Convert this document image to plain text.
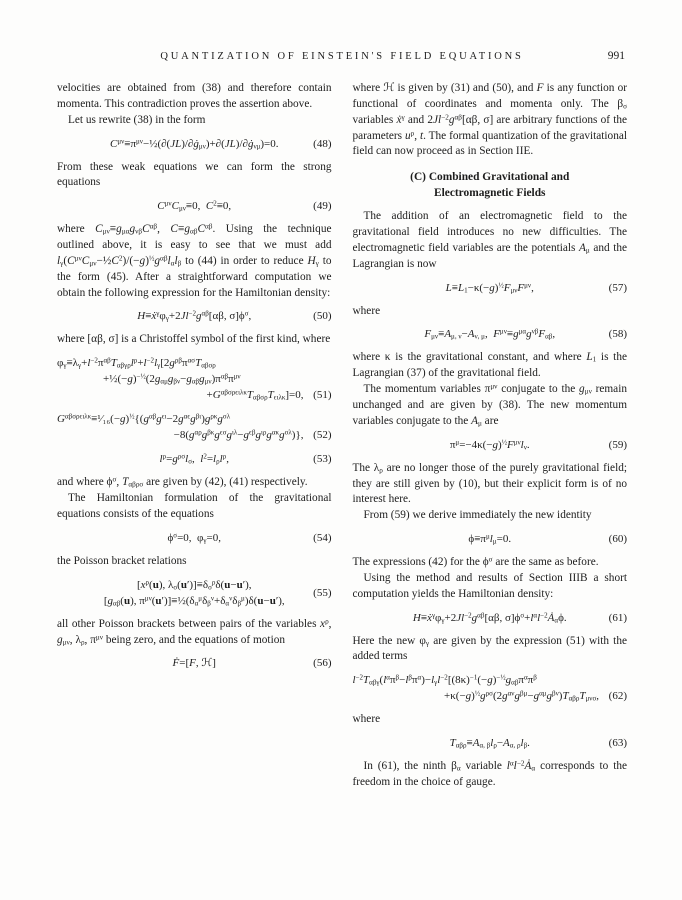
QUANTIZATION OF EINSTEIN'S FIELD EQUATIONS	991

velocities are obtained from (38) and therefore contain momenta. This contradiction proves the assertion above.

Let us rewrite (38) in the form

$C^{\mu\nu}\equiv\pi^{\mu\nu}-\frac{1}{2}(\partial(JL)/\partial ġ_{\mu\nu})+\partial(JL)/\partial ġ_{\nu\mu})=0$.	(48)

From these weak equations we can form the strong equations

$C^{\mu\nu}C_{\mu\nu}\equiv 0$, $C^2\equiv 0$,	(49)

where $C_{\mu\nu}\equiv g_{\mu\alpha}g_{\nu\beta}C^{\alpha\beta}$, $C\equiv g_{\alpha\beta}C^{\alpha\beta}$. Using the technique outlined above, it is easy to see that we must add $l_\gamma(C^{\mu\nu}C_{\mu\nu}-\frac{1}{2}C^2)/(-g)^{\frac{1}{2}}g^{\alpha\beta}l_\alpha l_\beta$ to (44) in order to reduce $H_\gamma$ to the form (45). After a straightforward computation we obtain the following expression for the Hamiltonian density:

$H\equiv ẋ^\gamma\varphi_\gamma+2Jl^{-2}g^{\alpha\beta}[\alpha\beta$, $\sigma]\phi^\sigma$,	(50)

where [αβ, σ] is a Christoffel symbol of the first kind, where

$\varphi_\gamma\equiv\lambda_\gamma+l^{-2}\pi^{\alpha\beta}T_{\alpha\beta\gamma\rho}l^\rho+l^{-2}l_\gamma[2g^{\rho\beta}\pi^{\alpha\sigma}T_{\alpha\beta\sigma\rho}$
$+\frac{1}{2}(-g)^{-\frac{1}{2}}(2g_{\alpha\mu}g_{\beta\nu}-g_{\alpha\beta}g_{\mu\nu})\pi^{\alpha\beta}\pi^{\mu\nu}$
$+G^{\alpha\beta\sigma\rho\epsilon\iota\lambda\kappa}T_{\alpha\beta\sigma\rho}T_{\epsilon\iota\lambda\kappa}]=0$, (51)
$G^{\alpha\beta\sigma\rho\epsilon\iota\lambda\kappa}\equiv^1⁄_{16}(-g)^{\frac{1}{2}}\{(g^{\alpha\beta}g^{\epsilon\iota}-2g^{\alpha\epsilon}g^{\beta\iota})g^{\rho\kappa}g^{\sigma\lambda}$
$-8(g^{\alpha\rho}g^{\beta\kappa}g^{\epsilon\sigma}g^{\iota\lambda}-g^{\epsilon\beta}g^{\iota\rho}g^{\alpha\kappa}g^{\sigma\lambda})$}, (52)
$l^\rho=g^{\rho\sigma}l_\sigma$, $l^2=l_\rho l^\rho$,	(53)

and where $\phi^\sigma$, $T_{\alpha\beta\rho\sigma}$ are given by (42), (41) respectively.

The Hamiltonian formulation of the gravitational equations consists of the equations

$\phi^\sigma=0$, $\varphi_\gamma=0$,	(54)

the Poisson bracket relations

[$x^\rho(u)$, $\lambda_\sigma(u')]\equiv\delta_\sigma^\rho\delta(u-u')$,
[$g_{\alpha\beta}(u)$, $\pi^{\mu\nu}(u')]\equiv\frac{1}{2}(\delta_\alpha^\mu\delta_\beta^\nu+\delta_\alpha^\nu\delta_\beta^\mu)\delta(u-u')$,
(55)

all other Poisson brackets between pairs of the variables $x^\rho$, $g_{\mu\nu}$, $\lambda_\rho$, $\pi^{\mu\nu}$ being zero, and the equations of motion

Ḟ=[F, ℋ]	(56)

where ℋ is given by (31) and (50), and F is any function or functional of coordinates and momenta only. The $\beta_\sigma$ variables ẋ$^\gamma$ and $2Jl^{-2}g^{\alpha\beta}[\alpha\beta$, σ] are arbitrary functions of the parameters $u^\rho$, t. The formal quantization of the gravitational field can now proceed as in Section IIE.

(C) Combined Gravitational and
Electromagnetic Fields

The addition of an electromagnetic field to the gravitational field introduces no new difficulties. The electromagnetic field variables are the potentials $A_\mu$ and the Lagrangian is now

$L\equiv L_1-\kappa(-g)^{\frac{1}{2}}F_{\mu\nu}F^{\mu\nu}$,	(57)

where

$F_{\mu\nu}\equiv A_{\mu, \nu}-A_{\nu, \mu}$, $F^{\mu\nu}\equiv g^{\mu\alpha}g^{\nu\beta}F_{\alpha\beta}$,	(58)

where κ is the gravitational constant, and where $L_1$ is the Lagrangian (37) of the gravitational field.

The momentum variables $\pi^{\mu\nu}$ conjugate to the $g_{\mu\nu}$ remain unchanged and are given by (38). The new momentum variables conjugate to the $A_\mu$ are

$\pi^\mu=-4\kappa(-g)^{\frac{1}{2}}F^{\mu\nu}l_\nu$.	(59)

The $\lambda_\rho$ are no longer those of the purely gravitational field; they are still given by (10), but their explicit form is of no interest here.

From (59) we derive immediately the new identity

$\phi\equiv\pi^\mu l_\mu=0$.	(60)

The expressions (42) for the $\phi^\sigma$ are the same as before.

Using the method and results of Section IIIB a short computation yields the Hamiltonian density:

$H\equiv ẋ^\gamma\varphi_\gamma+2Jl^{-2}g^{\alpha\beta}[\alpha\beta$, $\sigma]\phi^\sigma+l^\alpha l^{-2}Ȧ_\alpha\phi$.	(61)

Here the new $\varphi_\gamma$ are given by the expression (51) with the added terms

$l^{-2}T_{\alpha\beta\gamma}(l^\alpha\pi^\beta-l^\beta\pi^\alpha)-l_\gamma l^{-2}[(8\kappa)^{-1}(-g)^{-\frac{1}{2}}g_{\alpha\beta}\pi^\alpha\pi^\beta$
$+\kappa(-g)^{\frac{1}{2}}g^{\rho\sigma}(2g^{\alpha\nu}g^{\beta\mu}-g^{\alpha\mu}g^{\beta\nu})T_{\alpha\beta\rho}T_{\mu\nu\sigma}$, (62)

where

$T_{\alpha\beta\rho}\equiv A_{\alpha, \beta}l_\rho-A_{\alpha, \rho}l_\beta$.	(63)

In (61), the ninth $\beta_\alpha$ variable $l^\alpha l^{-2}Ȧ_\alpha$ corresponds to the freedom in the choice of gauge.
